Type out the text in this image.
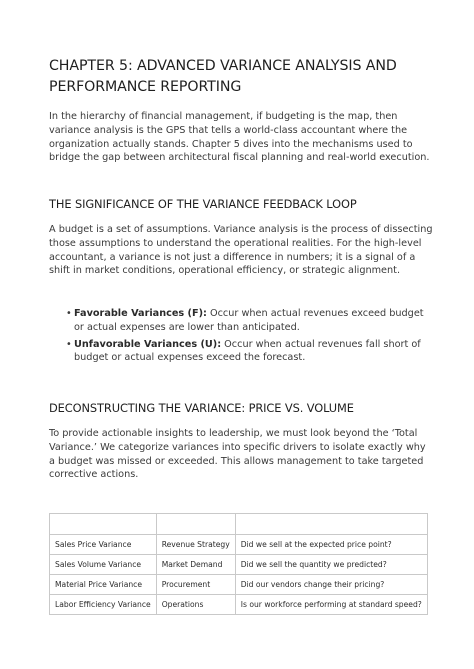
CHAPTER 5: ADVANCED VARIANCE ANALYSIS AND PERFORMANCE REPORTING

In the hierarchy of financial management, if budgeting is the map, then variance analysis is the GPS that tells a world-class accountant where the organization actually stands. Chapter 5 dives into the mechanisms used to bridge the gap between architectural fiscal planning and real-world execution.

THE SIGNIFICANCE OF THE VARIANCE FEEDBACK LOOP

A budget is a set of assumptions. Variance analysis is the process of dissecting those assumptions to understand the operational realities. For the high-level accountant, a variance is not just a difference in numbers; it is a signal of a shift in market conditions, operational efficiency, or strategic alignment.

• Favorable Variances (F): Occur when actual revenues exceed budget or actual expenses are lower than anticipated.
• Unfavorable Variances (U): Occur when actual revenues fall short of budget or actual expenses exceed the forecast.
DECONSTRUCTING THE VARIANCE: PRICE VS. VOLUME

To provide actionable insights to leadership, we must look beyond the ‘Total Variance.’ We categorize variances into specific drivers to isolate exactly why a budget was missed or exceeded. This allows management to take targeted corrective actions.

Sales Price Variance	Revenue Strategy	Did we sell at the expected price point?
Sales Volume Variance	Market Demand	Did we sell the quantity we predicted?
Material Price Variance	Procurement	Did our vendors change their pricing?
Labor Efficiency Variance	Operations	Is our workforce performing at standard speed?
